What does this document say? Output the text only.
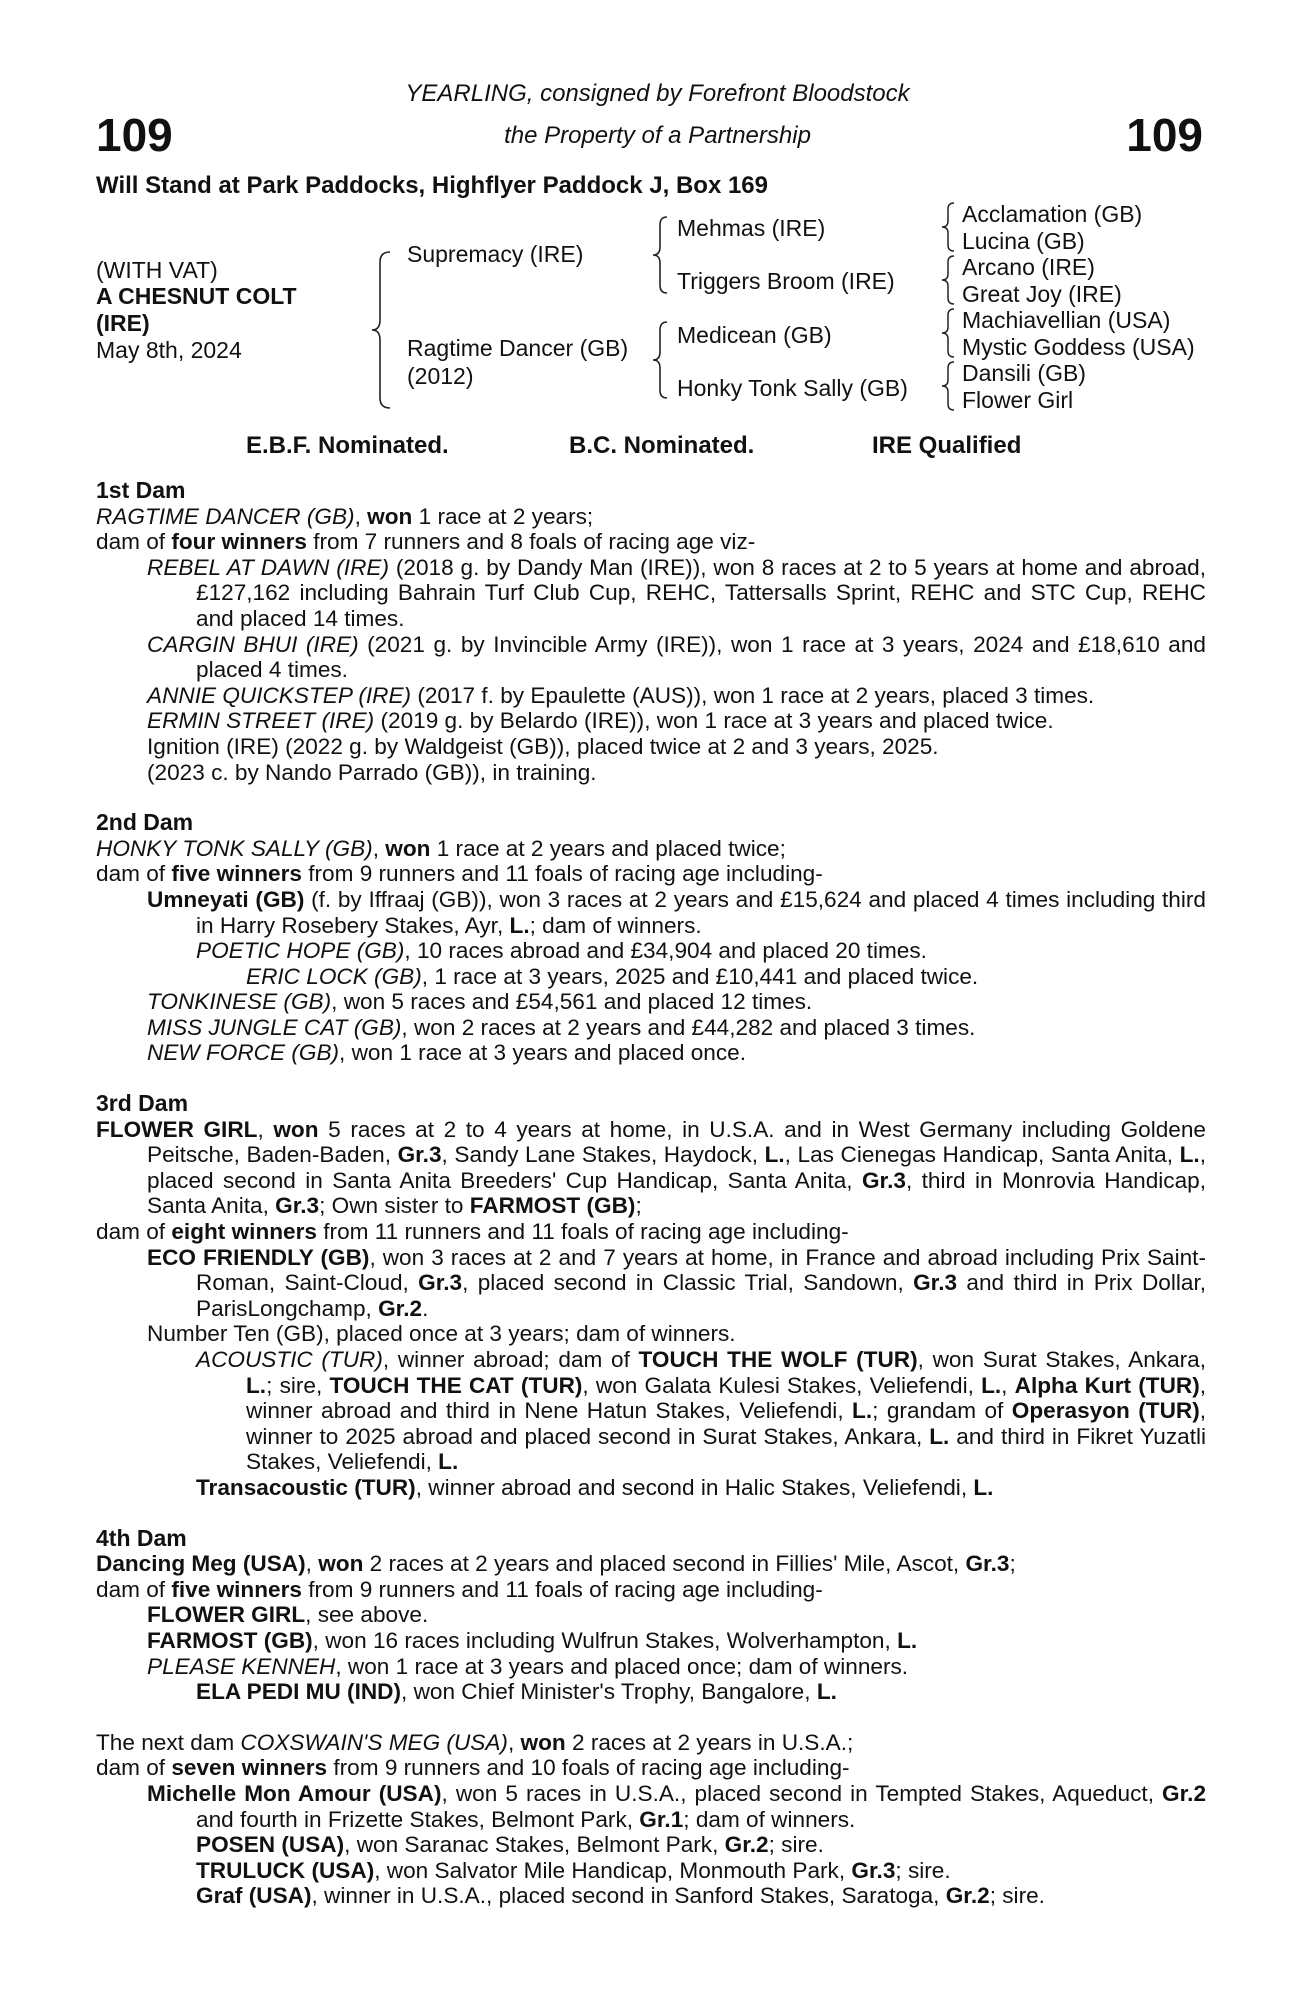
109	109
YEARLING, consigned by Forefront Bloodstock
the Property of a Partnership
Will Stand at Park Paddocks, Highflyer Paddock J, Box 169
(WITH VAT)
A CHESNUT COLT
(IRE)
May 8th, 2024
Supremacy (IRE)
Ragtime Dancer (GB)
(2012)
Mehmas (IRE)
Triggers Broom (IRE)
Medicean (GB)
Honky Tonk Sally (GB)
Acclamation (GB)
Lucina (GB)
Arcano (IRE)
Great Joy (IRE)
Machiavellian (USA)
Mystic Goddess (USA)
Dansili (GB)
Flower Girl
E.B.F. Nominated.	B.C. Nominated.	IRE Qualified

1st Dam

RAGTIME DANCER (GB), won 1 race at 2 years;

dam of four winners from 7 runners and 8 foals of racing age viz-

REBEL AT DAWN (IRE) (2018 g. by Dandy Man (IRE)), won 8 races at 2 to 5 years at home and abroad, £127,162 including Bahrain Turf Club Cup, REHC, Tattersalls Sprint, REHC and STC Cup, REHC and placed 14 times.

CARGIN BHUI (IRE) (2021 g. by Invincible Army (IRE)), won 1 race at 3 years, 2024 and £18,610 and placed 4 times.

ANNIE QUICKSTEP (IRE) (2017 f. by Epaulette (AUS)), won 1 race at 2 years, placed 3 times.

ERMIN STREET (IRE) (2019 g. by Belardo (IRE)), won 1 race at 3 years and placed twice.

Ignition (IRE) (2022 g. by Waldgeist (GB)), placed twice at 2 and 3 years, 2025.

(2023 c. by Nando Parrado (GB)), in training.

2nd Dam

HONKY TONK SALLY (GB), won 1 race at 2 years and placed twice;

dam of five winners from 9 runners and 11 foals of racing age including-

Umneyati (GB) (f. by Iffraaj (GB)), won 3 races at 2 years and £15,624 and placed 4 times including third in Harry Rosebery Stakes, Ayr, L.; dam of winners.

POETIC HOPE (GB), 10 races abroad and £34,904 and placed 20 times.

ERIC LOCK (GB), 1 race at 3 years, 2025 and £10,441 and placed twice.

TONKINESE (GB), won 5 races and £54,561 and placed 12 times.

MISS JUNGLE CAT (GB), won 2 races at 2 years and £44,282 and placed 3 times.

NEW FORCE (GB), won 1 race at 3 years and placed once.

3rd Dam

FLOWER GIRL, won 5 races at 2 to 4 years at home, in U.S.A. and in West Germany including Goldene Peitsche, Baden-Baden, Gr.3, Sandy Lane Stakes, Haydock, L., Las Cienegas Handicap, Santa Anita, L., placed second in Santa Anita Breeders' Cup Handicap, Santa Anita, Gr.3, third in Monrovia Handicap, Santa Anita, Gr.3; Own sister to FARMOST (GB);

dam of eight winners from 11 runners and 11 foals of racing age including-

ECO FRIENDLY (GB), won 3 races at 2 and 7 years at home, in France and abroad including Prix Saint-Roman, Saint-Cloud, Gr.3, placed second in Classic Trial, Sandown, Gr.3 and third in Prix Dollar, ParisLongchamp, Gr.2.

Number Ten (GB), placed once at 3 years; dam of winners.

ACOUSTIC (TUR), winner abroad; dam of TOUCH THE WOLF (TUR), won Surat Stakes, Ankara, L.; sire, TOUCH THE CAT (TUR), won Galata Kulesi Stakes, Veliefendi, L., Alpha Kurt (TUR), winner abroad and third in Nene Hatun Stakes, Veliefendi, L.; grandam of Operasyon (TUR), winner to 2025 abroad and placed second in Surat Stakes, Ankara, L. and third in Fikret Yuzatli Stakes, Veliefendi, L.

Transacoustic (TUR), winner abroad and second in Halic Stakes, Veliefendi, L.

4th Dam

Dancing Meg (USA), won 2 races at 2 years and placed second in Fillies' Mile, Ascot, Gr.3;

dam of five winners from 9 runners and 11 foals of racing age including-

FLOWER GIRL, see above.

FARMOST (GB), won 16 races including Wulfrun Stakes, Wolverhampton, L.

PLEASE KENNEH, won 1 race at 3 years and placed once; dam of winners.

ELA PEDI MU (IND), won Chief Minister's Trophy, Bangalore, L.

The next dam COXSWAIN'S MEG (USA), won 2 races at 2 years in U.S.A.;

dam of seven winners from 9 runners and 10 foals of racing age including-

Michelle Mon Amour (USA), won 5 races in U.S.A., placed second in Tempted Stakes, Aqueduct, Gr.2 and fourth in Frizette Stakes, Belmont Park, Gr.1; dam of winners.

POSEN (USA), won Saranac Stakes, Belmont Park, Gr.2; sire.

TRULUCK (USA), won Salvator Mile Handicap, Monmouth Park, Gr.3; sire.

Graf (USA), winner in U.S.A., placed second in Sanford Stakes, Saratoga, Gr.2; sire.
